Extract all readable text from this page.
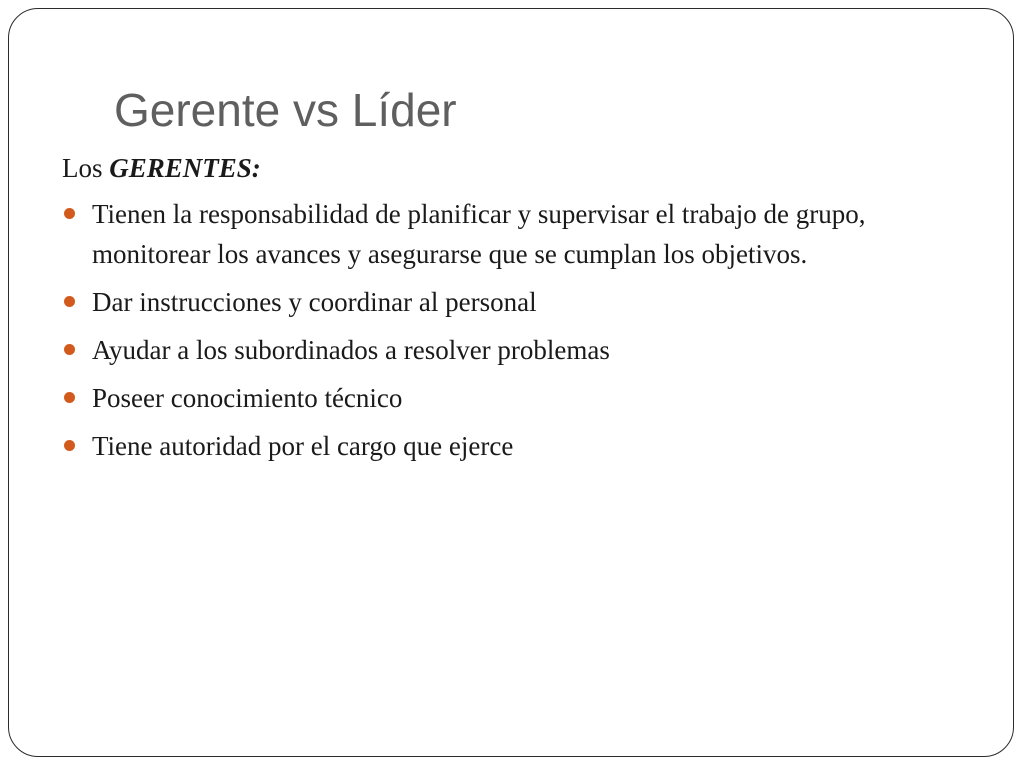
Gerente vs Líder

Los GERENTES:

Tienen la responsabilidad de planificar y supervisar el trabajo de grupo, monitorear los avances y asegurarse que se cumplan los objetivos.
Dar instrucciones y coordinar al personal
Ayudar a los subordinados a resolver problemas
Poseer conocimiento técnico
Tiene autoridad por el cargo que ejerce
